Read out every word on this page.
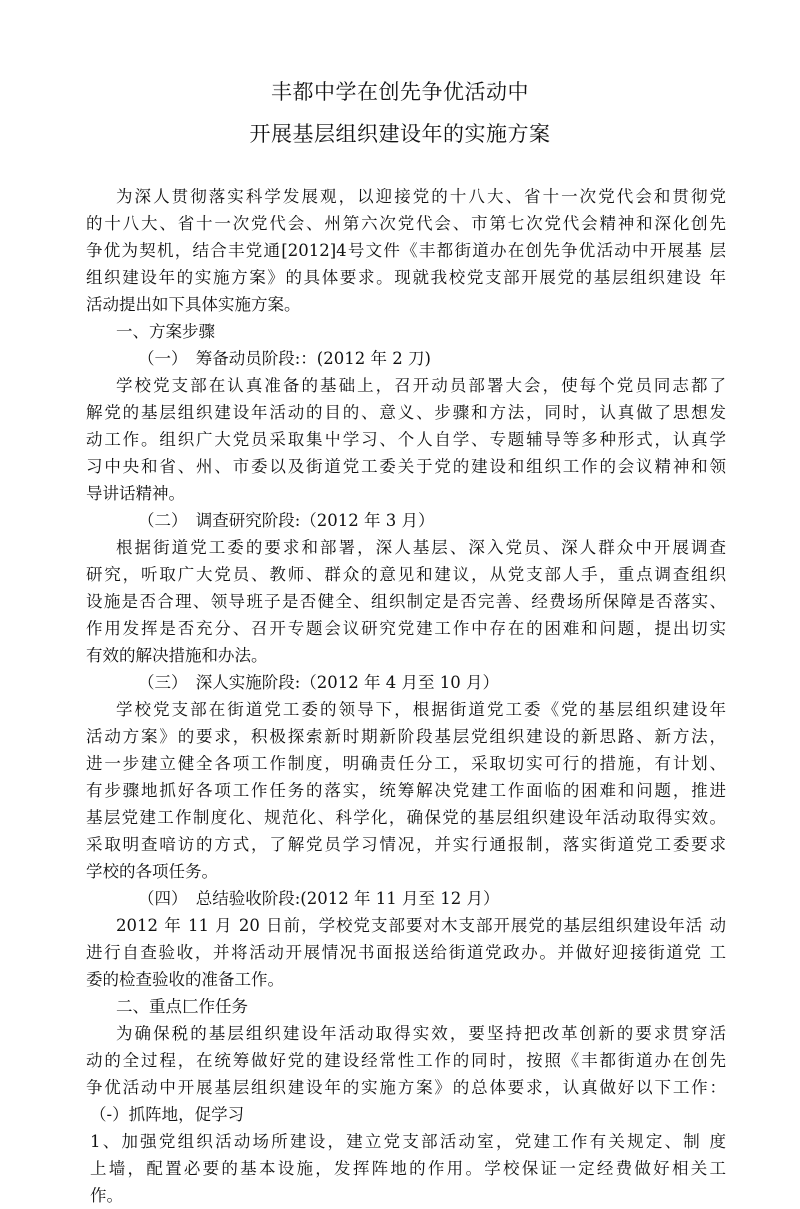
丰都中学在创先争优活动中
开展基层组织建设年的实施方案
为深人贯彻落实科学发展观，以迎接党的十八大、省十一次党代会和贯彻党
的十八大、省十一次党代会、州第六次党代会、市第七次党代会精神和深化创先
争优为契机，结合丰党通[2012]4号文件《丰都街道办在创先争优活动中开展基 层
组织建设年的实施方案》的具体要求。现就我校党支部开展党的基层组织建设 年
活动提出如下具体实施方案。
一、方案步骤
（一）　筹备动员阶段:：(2012 年 2 刀)
学校党支部在认真准备的基础上，召开动员部署大会，使每个党员同志都了
解党的基层组织建设年活动的目的、意义、步骤和方法，同时，认真做了思想发
动工作。组织广大党员采取集屮学习、个人自学、专题辅导等多种形式，认真学
习中央和省、州、市委以及街道党工委关于党的建设和组织工作的会议精神和领
导讲话精神。
（二）　调查研究阶段:（2012 年 3 月）
根据街道党工委的要求和部署，深人基层、深入党员、深人群众中开展调查
研究，听取广大党员、教师、群众的意见和建议，从党支部人手，重点调查组织
设施是否合理、领导班子是否健全、组织制定是否完善、经费场所保障是否落实、
作用发挥是否充分、召开专题会议研究党建工作中存在的困难和问题，提出切实
有效的解决措施和办法。
（三）　深人实施阶段:（2012 年 4 月至 10 月）
学校党支部在街道党工委的领导下，根据街道党工委《党的基层组织建设年
活动方案》的要求，积极探索新时期新阶段基层党组织建设的新思路、新方法，
进一步建立健全各项工作制度，明确责任分工，采取切实可行的措施，有计划、
有步骤地抓好各项工作任务的落实，统筹解决党建工作面临的困难和问题，推进
基层党建工作制度化、规范化、科学化，确保党的基层组织建设年活动取得实效。
采取明查喑访的方式，了解党员学习情况，并实行通报制，落实街道党工委要求
学校的各项任务。
（四）　总结验收阶段:(2012 年 11 月至 12 月）
2012 年 11 月 20 日前，学校党支部要对木支部开展党的基层组织建设年活 动
进行自查验收，并将活动开展情况书面报送给街道党政办。并做好迎接街道党 工
委的检查验收的准备工作。
二、重点匚作任务
为确保税的基层组织建设年活动取得实效，要坚持把改革创新的要求贯穿活
动的全过程，在统筹做好党的建设经常性工作的同时，按照《丰都街道办在创先
争优活动中开展基层组织建设年的实施方案》的总体要求，认真做好以下工作：
（-）抓阵地，促学习
1、加强党组织活动场所建设，建立党支部活动室，党建工作有关规定、制 度
上墙，配置必要的基本设施，发挥阵地的作用。学校保证一定经费做好相关工
作。
